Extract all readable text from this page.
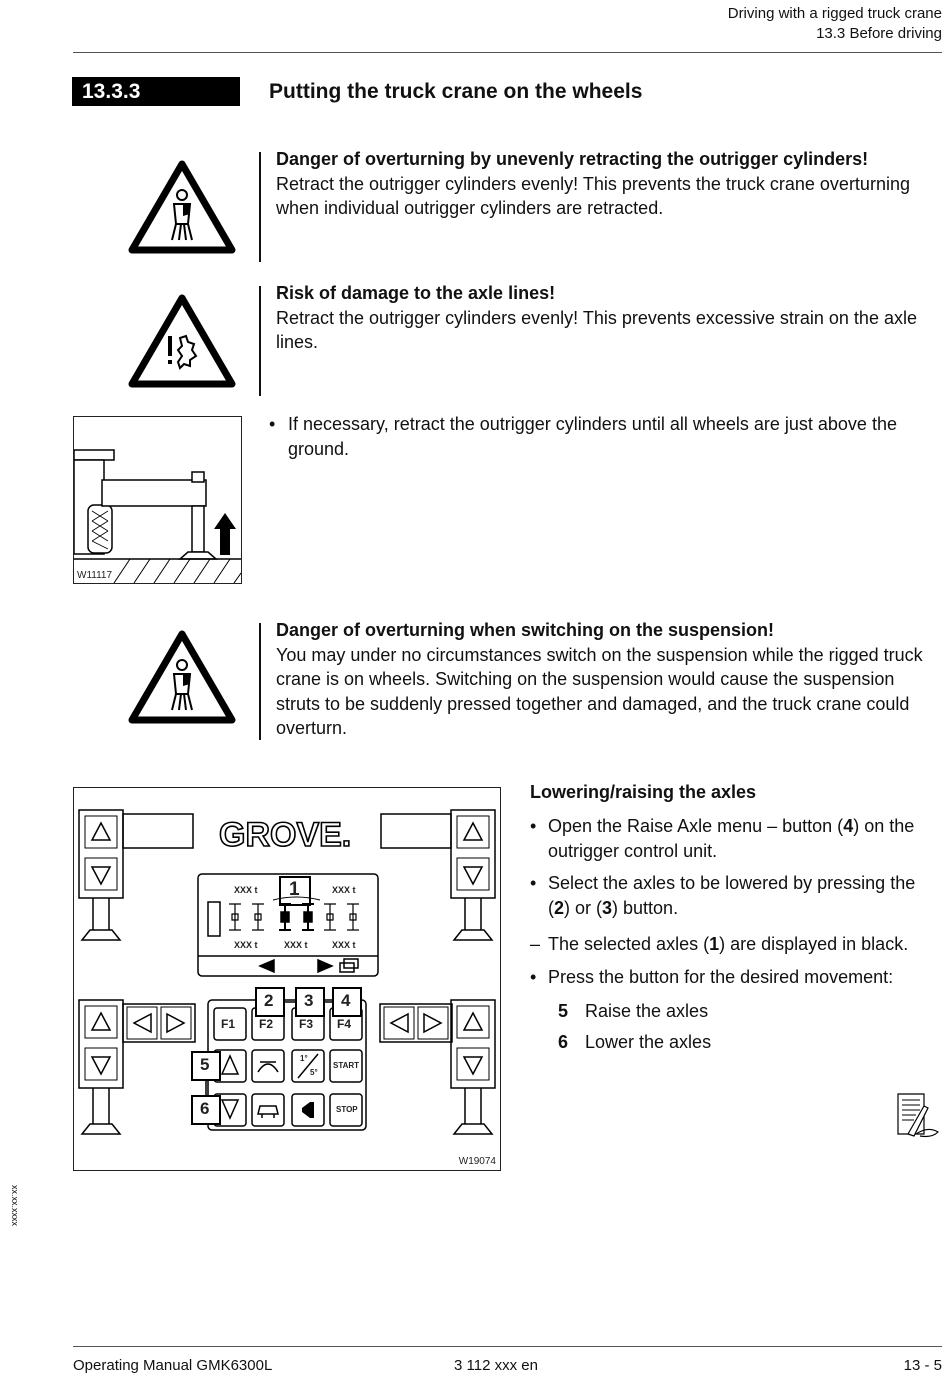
Driving with a rigged truck crane
13.3 Before driving
13.3.3	Putting the truck crane on the wheels
Danger of overturning by unevenly retracting the outrigger cylinders!
Retract the outrigger cylinders evenly! This prevents the truck crane overturning when individual outrigger cylinders are retracted.
Risk of damage to the axle lines!
Retract the outrigger cylinders evenly! This prevents excessive strain on the axle lines.
W11117
• If necessary, retract the outrigger cylinders until all wheels are just above the ground.
Danger of overturning when switching on the suspension!
You may under no circumstances switch on the suspension while the rigged truck crane is on wheels. Switching on the suspension would cause the suspension struts to be suddenly pressed together and damaged, and the truck crane could overturn.
GROVE.
XXX t	XXX t
XXX t	XXX t	XXX t
1
F1 F2 F3 F4
2 3 4
5
6
1°
5°
START
STOP
W19074
Lowering/raising the axles
• Open the Raise Axle menu – button (4) on the outrigger control unit.
• Select the axles to be lowered by pressing the (2) or (3) button.
– The selected axles (1) are displayed in black.
• Press the button for the desired movement:
5 Raise the axles
6 Lower the axles
xx.xx.xxxx
Operating Manual GMK6300L	3 112 xxx en	13 - 5
